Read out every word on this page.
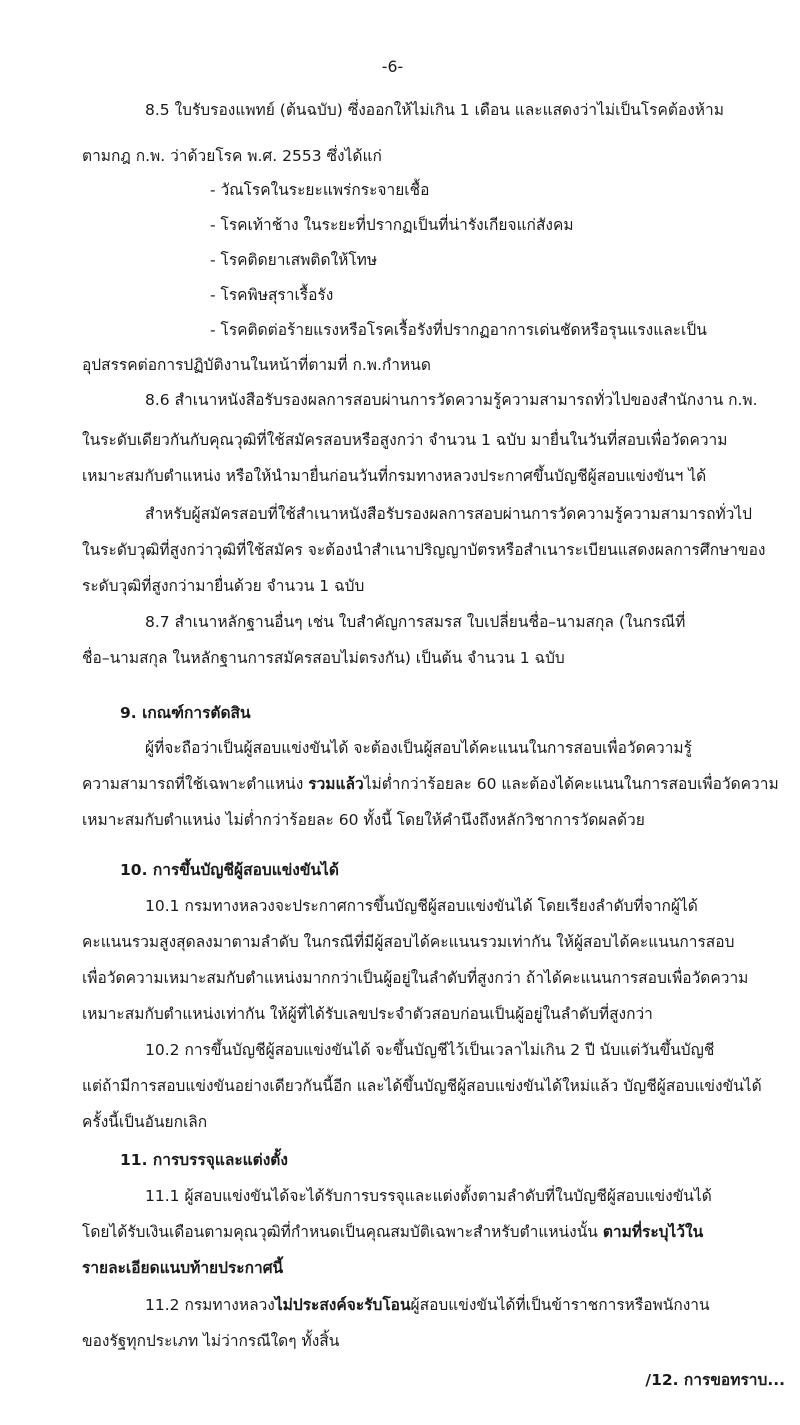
-6-
8.5 ใบรับรองแพทย์ (ต้นฉบับ) ซึ่งออกให้ไม่เกิน 1 เดือน และแสดงว่าไม่เป็นโรคต้องห้าม
ตามกฎ ก.พ. ว่าด้วยโรค พ.ศ. 2553 ซึ่งได้แก่
- วัณโรคในระยะแพร่กระจายเชื้อ
- โรคเท้าช้าง ในระยะที่ปรากฏเป็นที่น่ารังเกียจแก่สังคม
- โรคติดยาเสพติดให้โทษ
- โรคพิษสุราเรื้อรัง
- โรคติดต่อร้ายแรงหรือโรคเรื้อรังที่ปรากฏอาการเด่นชัดหรือรุนแรงและเป็น
อุปสรรคต่อการปฏิบัติงานในหน้าที่ตามที่ ก.พ.กำหนด
8.6 สำเนาหนังสือรับรองผลการสอบผ่านการวัดความรู้ความสามารถทั่วไปของสำนักงาน ก.พ.
ในระดับเดียวกันกับคุณวุฒิที่ใช้สมัครสอบหรือสูงกว่า จำนวน 1 ฉบับ มายื่นในวันที่สอบเพื่อวัดความ
เหมาะสมกับตำแหน่ง หรือให้นำมายื่นก่อนวันที่กรมทางหลวงประกาศขึ้นบัญชีผู้สอบแข่งขันฯ ได้
สำหรับผู้สมัครสอบที่ใช้สำเนาหนังสือรับรองผลการสอบผ่านการวัดความรู้ความสามารถทั่วไป
ในระดับวุฒิที่สูงกว่าวุฒิที่ใช้สมัคร จะต้องนำสำเนาปริญญาบัตรหรือสำเนาระเบียนแสดงผลการศึกษาของ
ระดับวุฒิที่สูงกว่ามายื่นด้วย จำนวน 1 ฉบับ
8.7 สำเนาหลักฐานอื่นๆ เช่น ใบสำคัญการสมรส ใบเปลี่ยนชื่อ–นามสกุล (ในกรณีที่
ชื่อ–นามสกุล ในหลักฐานการสมัครสอบไม่ตรงกัน) เป็นต้น จำนวน 1 ฉบับ
9. เกณฑ์การตัดสิน
ผู้ที่จะถือว่าเป็นผู้สอบแข่งขันได้ จะต้องเป็นผู้สอบได้คะแนนในการสอบเพื่อวัดความรู้
ความสามารถที่ใช้เฉพาะตำแหน่ง รวมแล้วไม่ต่ำกว่าร้อยละ 60 และต้องได้คะแนนในการสอบเพื่อวัดความ
เหมาะสมกับตำแหน่ง ไม่ต่ำกว่าร้อยละ 60 ทั้งนี้ โดยให้คำนึงถึงหลักวิชาการวัดผลด้วย
10. การขึ้นบัญชีผู้สอบแข่งขันได้
10.1 กรมทางหลวงจะประกาศการขึ้นบัญชีผู้สอบแข่งขันได้ โดยเรียงลำดับที่จากผู้ได้
คะแนนรวมสูงสุดลงมาตามลำดับ ในกรณีที่มีผู้สอบได้คะแนนรวมเท่ากัน ให้ผู้สอบได้คะแนนการสอบ
เพื่อวัดความเหมาะสมกับตำแหน่งมากกว่าเป็นผู้อยู่ในลำดับที่สูงกว่า ถ้าได้คะแนนการสอบเพื่อวัดความ
เหมาะสมกับตำแหน่งเท่ากัน ให้ผู้ที่ได้รับเลขประจำตัวสอบก่อนเป็นผู้อยู่ในลำดับที่สูงกว่า
10.2 การขึ้นบัญชีผู้สอบแข่งขันได้ จะขึ้นบัญชีไว้เป็นเวลาไม่เกิน 2 ปี นับแต่วันขึ้นบัญชี
แต่ถ้ามีการสอบแข่งขันอย่างเดียวกันนี้อีก และได้ขึ้นบัญชีผู้สอบแข่งขันได้ใหม่แล้ว บัญชีผู้สอบแข่งขันได้
ครั้งนี้เป็นอันยกเลิก
11. การบรรจุและแต่งตั้ง
11.1 ผู้สอบแข่งขันได้จะได้รับการบรรจุและแต่งตั้งตามลำดับที่ในบัญชีผู้สอบแข่งขันได้
โดยได้รับเงินเดือนตามคุณวุฒิที่กำหนดเป็นคุณสมบัติเฉพาะสำหรับตำแหน่งนั้น ตามที่ระบุไว้ใน
รายละเอียดแนบท้ายประกาศนี้
11.2 กรมทางหลวงไม่ประสงค์จะรับโอนผู้สอบแข่งขันได้ที่เป็นข้าราชการหรือพนักงาน
ของรัฐทุกประเภท ไม่ว่ากรณีใดๆ ทั้งสิ้น
/12. การขอทราบ...
